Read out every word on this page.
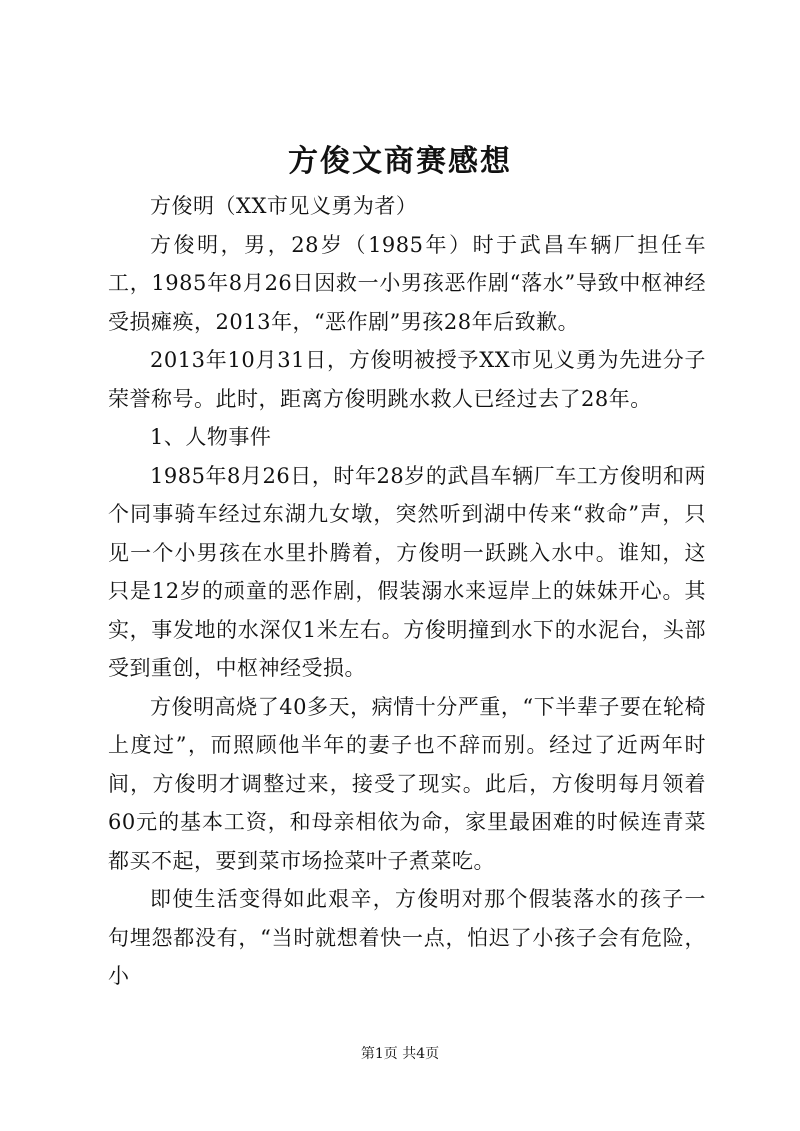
方俊文商赛感想

方俊明（XX市见义勇为者）

方俊明，男，28岁（1985年）时于武昌车辆厂担任车工，1985年8月26日因救一小男孩恶作剧“落水”导致中枢神经受损瘫痪，2013年，“恶作剧”男孩28年后致歉。

2013年10月31日，方俊明被授予XX市见义勇为先进分子荣誉称号。此时，距离方俊明跳水救人已经过去了28年。

1、人物事件

1985年8月26日，时年28岁的武昌车辆厂车工方俊明和两个同事骑车经过东湖九女墩，突然听到湖中传来“救命”声，只见一个小男孩在水里扑腾着，方俊明一跃跳入水中。谁知，这只是12岁的顽童的恶作剧，假装溺水来逗岸上的妹妹开心。其实，事发地的水深仅1米左右。方俊明撞到水下的水泥台，头部受到重创，中枢神经受损。

方俊明高烧了40多天，病情十分严重，“下半辈子要在轮椅上度过”，而照顾他半年的妻子也不辞而别。经过了近两年时间，方俊明才调整过来，接受了现实。此后，方俊明每月领着60元的基本工资，和母亲相依为命，家里最困难的时候连青菜都买不起，要到菜市场捡菜叶子煮菜吃。

即使生活变得如此艰辛，方俊明对那个假装落水的孩子一句埋怨都没有，“当时就想着快一点，怕迟了小孩子会有危险，小

第1页 共4页
